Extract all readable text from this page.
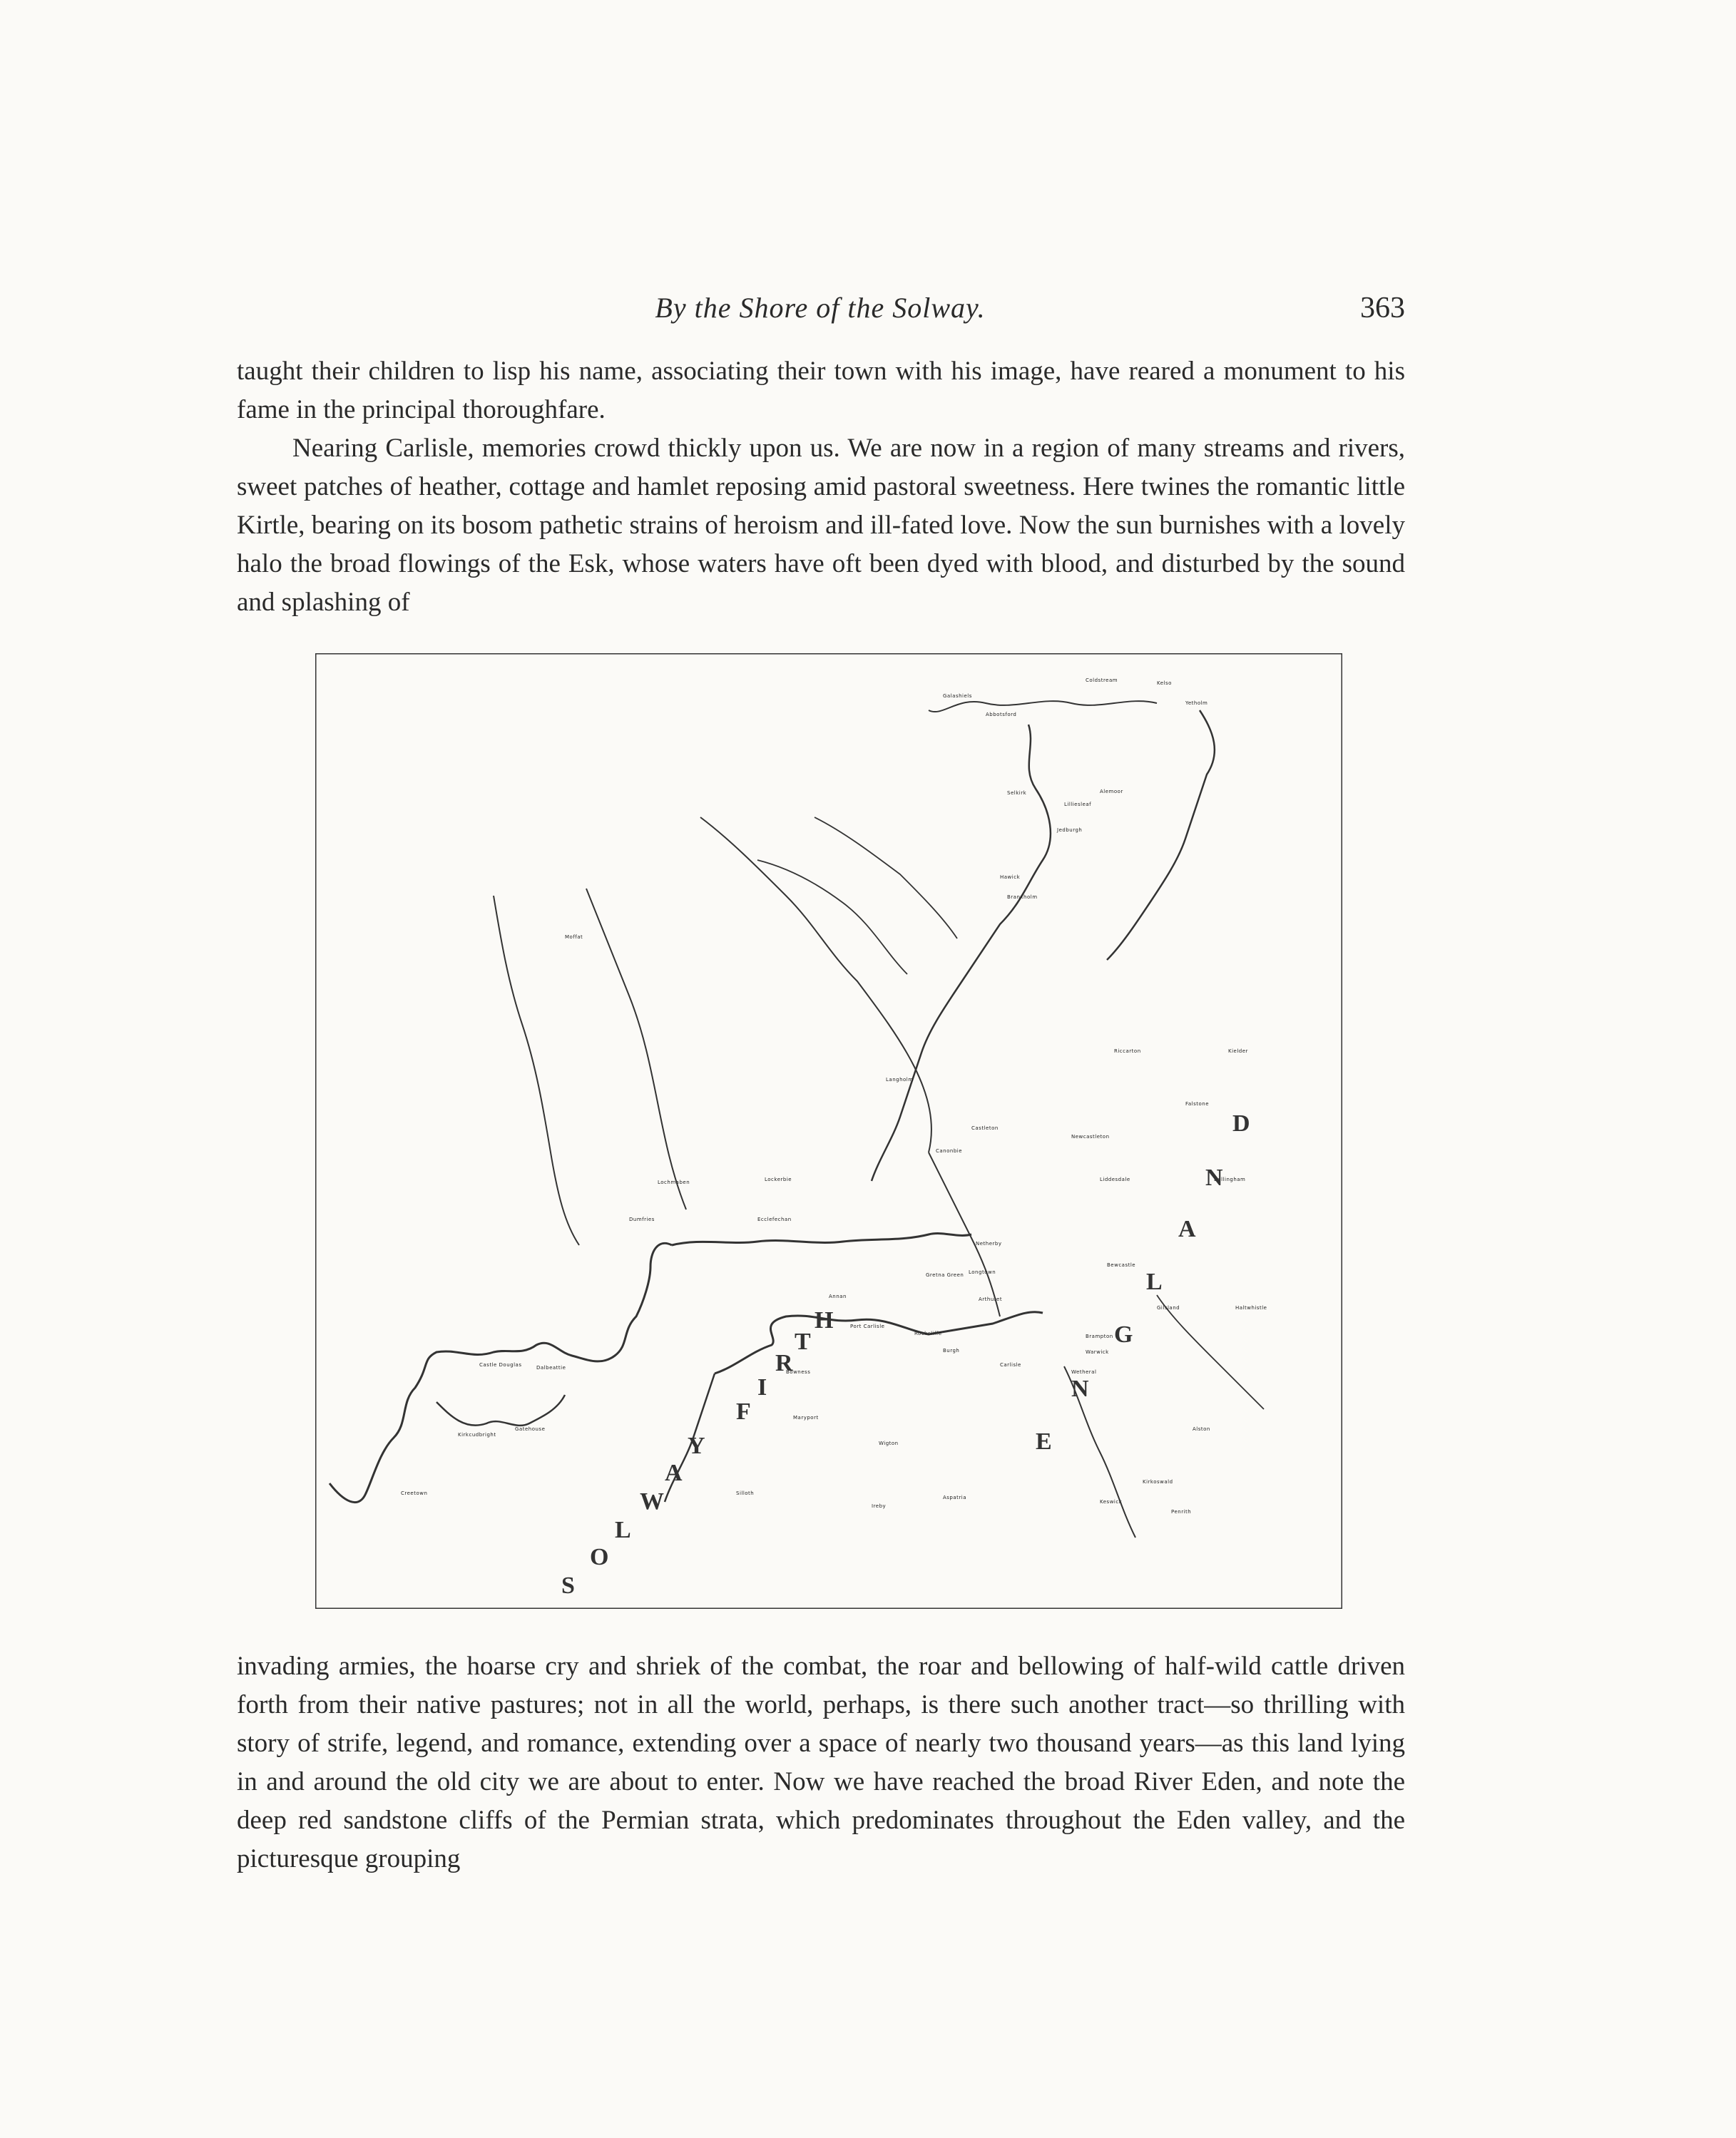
By the Shore of the Solway.	363

taught their children to lisp his name, associating their town with his image, have reared a monument to his fame in the principal thoroughfare.

Nearing Carlisle, memories crowd thickly upon us. We are now in a region of many streams and rivers, sweet patches of heather, cottage and hamlet reposing amid pastoral sweetness. Here twines the romantic little Kirtle, bearing on its bosom pathetic strains of heroism and ill-fated love. Now the sun burnishes with a lovely halo the broad flowings of the Esk, whose waters have oft been dyed with blood, and disturbed by the sound and splashing of

Galashiels
Coldstream	Kelso
Abbotsford
Selkirk
Yetholm
Jedburgh
Lilliesleaf
Alemoor
Hawick
Branxholm
Moffat
Langholm
Canonbie
Lockerbie
Ecclefechan
Annan
Gretna Green Longtown
Netherby
Arthuret
Dumfries
Lochmaben
Castle Douglas	Dalbeattie
Kirkcudbright
Gatehouse
Creetown
Port Carlisle
Bowness
Burgh
Carlisle
Rockcliffe	Brampton
Gilsland	Haltwhistle
Bewcastle
Wetheral
Warwick
Penrith
Alston
Keswick
Wigton
Silloth
Maryport
Aspatria
Ireby
Kirkoswald
Castleton
Newcastleton
Liddesdale
Riccarton
Bellingham
Kielder
Falstone
S
O
L
W
A
Y
F
I
R
T
H
E
N
G
L
A
N
D

invading armies, the hoarse cry and shriek of the combat, the roar and bellowing of half-wild cattle driven forth from their native pastures; not in all the world, perhaps, is there such another tract—so thrilling with story of strife, legend, and romance, extending over a space of nearly two thousand years—as this land lying in and around the old city we are about to enter. Now we have reached the broad River Eden, and note the deep red sandstone cliffs of the Permian strata, which predominates throughout the Eden valley, and the picturesque grouping
